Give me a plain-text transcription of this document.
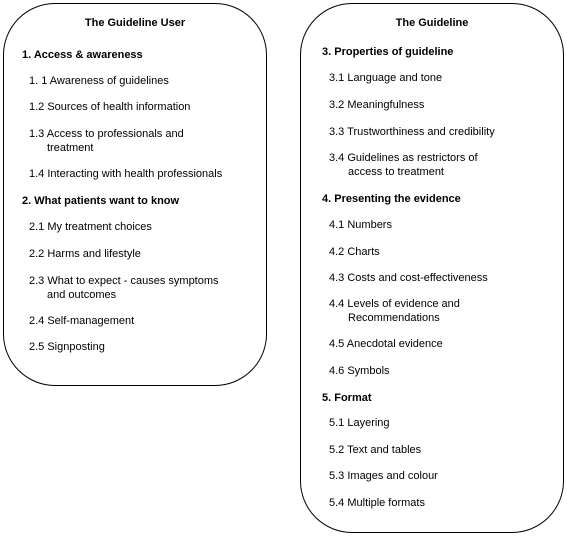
The Guideline User
1. Access & awareness
1. 1 Awareness of guidelines
1.2 Sources of health information
1.3 Access to professionals and
treatment
1.4 Interacting with health professionals
2. What patients want to know
2.1 My treatment choices
2.2 Harms and lifestyle
2.3 What to expect - causes symptoms
and outcomes
2.4 Self-management
2.5 Signposting
The Guideline
3. Properties of guideline
3.1 Language and tone
3.2 Meaningfulness
3.3 Trustworthiness and credibility
3.4 Guidelines as restrictors of
access to treatment
4. Presenting the evidence
4.1 Numbers
4.2 Charts
4.3 Costs and cost-effectiveness
4.4 Levels of evidence and
Recommendations
4.5 Anecdotal evidence
4.6 Symbols
5. Format
5.1 Layering
5.2 Text and tables
5.3 Images and colour
5.4 Multiple formats
